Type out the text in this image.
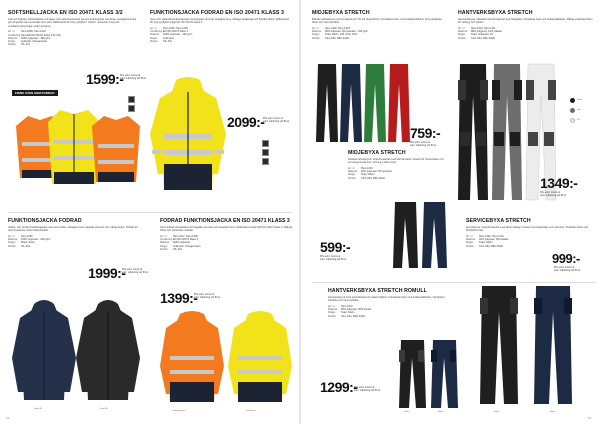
SOFTSHELLJACKA EN ISO 20471 KLASS 3/2
Lätt och bekväm softshelljacka i tre lager med vattenavvisande yta och andningsbar membran. Avtagbara ärmar gör att jackan kan användas som väst. Reflexband för hög synlighet i mörker. Justerbar huva och ventilationsöppningar under armarna.
Art. nr Hero 1006, Hero 1013
CertifieringHero EN ISO 20471 Klass 3 M–XXL
Material 100% polyester - 300 g/m²
Färger Gul/svart, Orange/svart
Storlek XS–4XL
1599:-
Pris exkl. moms &
exkl. märkning vid 50 st
FINNS ÄVEN SOM FODRAD
FUNKTIONSJACKA FODRAD EN ISO 20471 KLASS 3
Varm och vattentät funktionsjacka med tejpade sömmar. Avtagbar luva, tvåvägs dragkedja och flertalet fickor. Reflexband för hög synlighet enligt EN ISO 20471 klass 3.
Art. nr Hero 1045, Hero 1046
CertifieringEN ISO 20471 Klass 3
Material 100% polyester - 190 g/m²
Färger Gul/marin
Storlek XS–4XL
2099:-
Pris exkl. moms &
exkl. märkning vid 50 st
FUNKTIONSJACKA FODRAD
Vatten- och vindtät funktionsjacka med varmt foder. Avtagbar huva, tejpade sömmar och många fickor. Perfekt för utomhusarbete under kalla årstider.
Art. nr Hero 1050
Material 100% polyester - 200 g/m²
Färger Marin, Svart
Storlek XS–4XL
1999:-
Pris exkl. moms &
exkl. märkning vid 50 st
Dam 48	Dam 68
FODRAD FUNKTIONSJACKA EN ISO 20471 KLASS 3
Varm fodrad varseljacka med tejpade sömmar och avtagbar huva. Reflexband enligt EN ISO 20471 klass 3. Många fickor och justerbara muddar.
Art. nr Hero 1047, Hero 1048
CertifieringEN ISO 20471 Klass 3
Material 100% polyester
Färger Gul/marin, Orange/marin
Storlek XS–4XL
1399:-
Pris exkl. moms &
exkl. märkning vid 50 st
Orange/marin	Gul/marin
12
MIDJEBYXA STRETCH
Bekväm arbetsbyxa med fyrvägsstretch för full rörelsefrihet. Förstärkta knän med knäskyddsfickor, flera praktiska fickor och hammarhälla.
Art. nr Hero 1302, Hero 1303
Material 92% polyester, 8% spandex - 250 g/m²
Färger Svart, Marin, Grå, Grön, Röd
Storlek C44–C64, D96–D120
759:-
Pris exkl. moms &
exkl. märkning vid 50 st
MIDJEBYXA STRETCH
Klassisk arbetsbyxa i stretchmaterial med slät framsida. Passar för hantverkare och servicepersonal som vill ha en stilren look.
Art. nr Hero 1304
Material 92% polyester, 8% spandex
Färger Svart, Marin
Storlek C44–C64, D96–D120
599:-
Pris exkl. moms &
exkl. märkning vid 50 st
HANTVERKSBYXA STRETCH
Hantverksbyxa i slitstarkt stretchmaterial med hängfickor, förstärkta knän och knäskyddsfickor. Många praktiska fickor för verktyg och telefon.
Art. nr Hero 1310, Hero 1311
Material 88% polyamid, 12% elastan
Färger Svart, Grå/svart, Vit
Storlek C44–C64, D96–D120
Svart
Grå
Vit
1349:-
Pris exkl. moms &
exkl. märkning vid 50 st
HANTVERKSBYXA STRETCH ROMULL
Hantverksbyxa med stretchpartier för ökad rörlighet. Förstärkta knän med knäskyddsfickor, hängfickor, benficka och hammarhälla.
Art. nr Hero 1312
Material 65% polyester, 35% bomull
Färger Svart, Marin
Storlek C44–C64, D96–D120
1299:-
Pris exkl. moms &
exkl. märkning vid 50 st
Svart	Marin
SERVICEBYXA STRETCH
Servicebyxa i stretchmaterial med stilren design. Passar servicetekniker och montörer. Praktiska fickor och förstärkta knän.
Art. nr Hero 1320, Hero 1321
Material 92% polyester, 8% elastan
Färger Svart, Marin
Storlek C44–C64, D96–D120
999:-
Pris exkl. moms &
exkl. märkning vid 50 st
Svart	Marin
13
